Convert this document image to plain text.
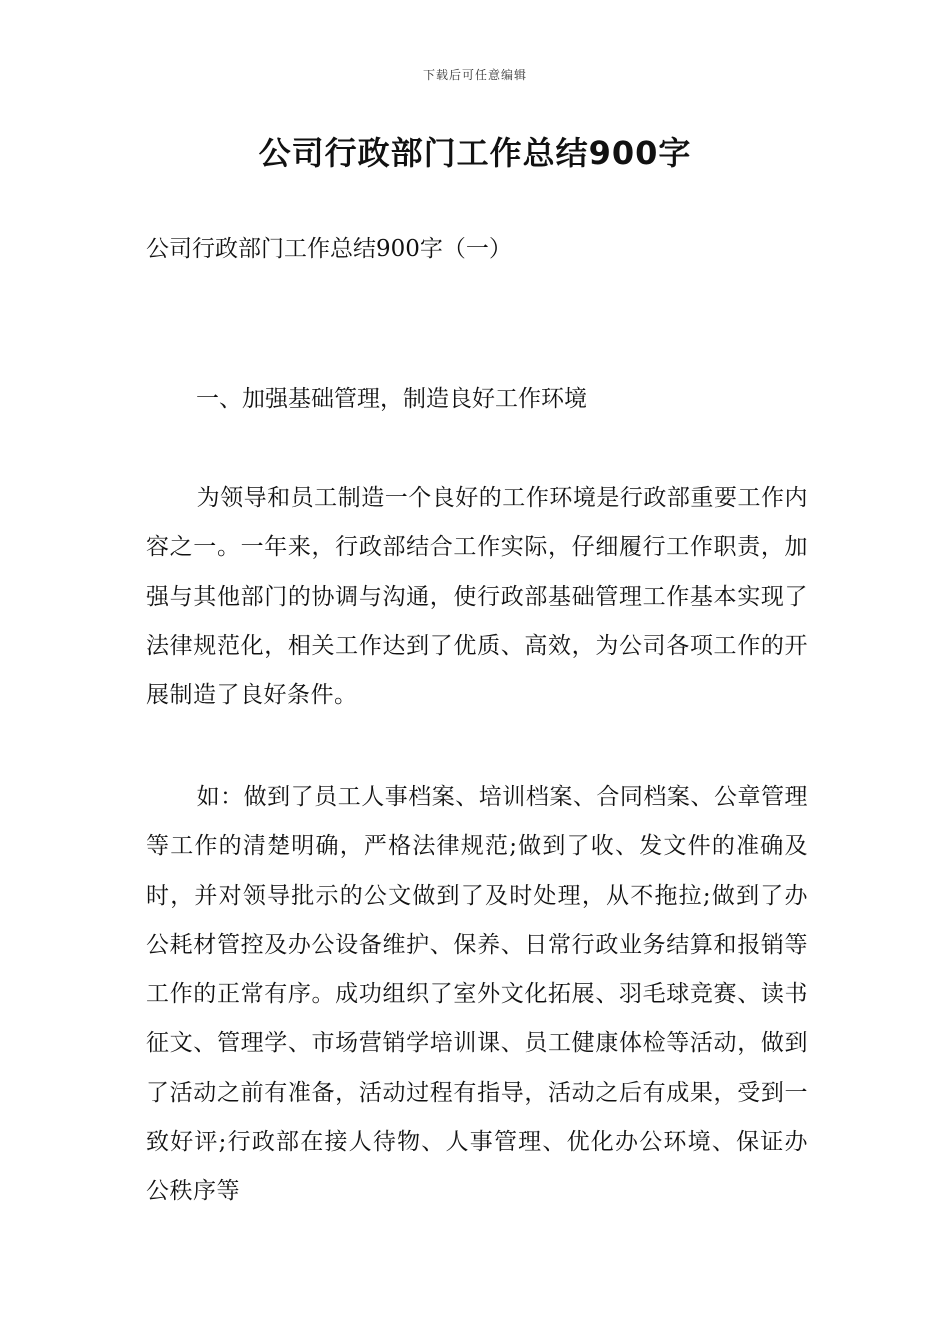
下载后可任意编辑
公司行政部门工作总结900字
公司行政部门工作总结900字（一）
一、加强基础管理，制造良好工作环境

为领导和员工制造一个良好的工作环境是行政部重要工作内容之一。一年来，行政部结合工作实际，仔细履行工作职责，加强与其他部门的协调与沟通，使行政部基础管理工作基本实现了法律规范化，相关工作达到了优质、高效，为公司各项工作的开展制造了良好条件。

如：做到了员工人事档案、培训档案、合同档案、公章管理等工作的清楚明确，严格法律规范;做到了收、发文件的准确及时，并对领导批示的公文做到了及时处理，从不拖拉;做到了办公耗材管控及办公设备维护、保养、日常行政业务结算和报销等工作的正常有序。成功组织了室外文化拓展、羽毛球竞赛、读书征文、管理学、市场营销学培训课、员工健康体检等活动，做到了活动之前有准备，活动过程有指导，活动之后有成果，受到一致好评;行政部在接人待物、人事管理、优化办公环境、保证办公秩序等
